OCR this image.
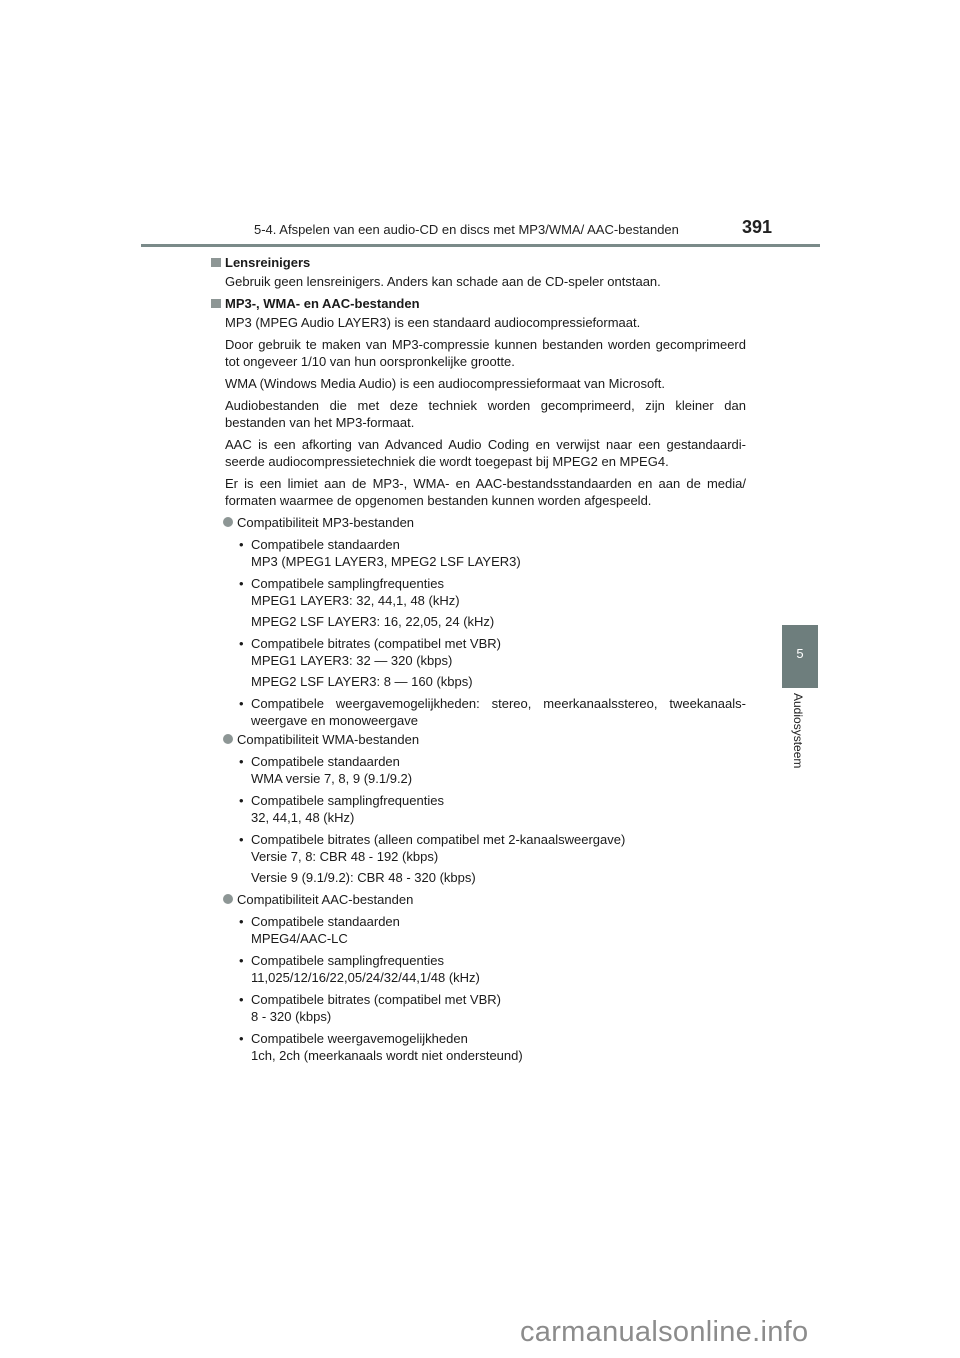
5-4. Afspelen van een audio-CD en discs met MP3/WMA/ AAC-bestanden	391
5
Audiosysteem
Lensreinigers
Gebruik geen lensreinigers. Anders kan schade aan de CD-speler ontstaan.
MP3-, WMA- en AAC-bestanden
MP3 (MPEG Audio LAYER3) is een standaard audiocompressieformaat.
Door gebruik te maken van MP3-compressie kunnen bestanden worden gecomprimeerd tot ongeveer 1/10 van hun oorspronkelijke grootte.
WMA (Windows Media Audio) is een audiocompressieformaat van Microsoft.
Audiobestanden die met deze techniek worden gecomprimeerd, zijn kleiner dan bestanden van het MP3-formaat.
AAC is een afkorting van Advanced Audio Coding en verwijst naar een gestandaardiseerde audiocompressietechniek die wordt toegepast bij MPEG2 en MPEG4.
Er is een limiet aan de MP3-, WMA- en AAC-bestandsstandaarden en aan de media/ formaten waarmee de opgenomen bestanden kunnen worden afgespeeld.
Compatibiliteit MP3-bestanden
• Compatibele standaarden
MP3 (MPEG1 LAYER3, MPEG2 LSF LAYER3)
• Compatibele samplingfrequenties
MPEG1 LAYER3: 32, 44,1, 48 (kHz)
MPEG2 LSF LAYER3: 16, 22,05, 24 (kHz)
• Compatibele bitrates (compatibel met VBR)
MPEG1 LAYER3: 32 — 320 (kbps)
MPEG2 LSF LAYER3: 8 — 160 (kbps)
• Compatibele weergavemogelijkheden: stereo, meerkanaalsstereo, tweekanaalsweergave en monoweergave
Compatibiliteit WMA-bestanden
• Compatibele standaarden
WMA versie 7, 8, 9 (9.1/9.2)
• Compatibele samplingfrequenties
32, 44,1, 48 (kHz)
• Compatibele bitrates (alleen compatibel met 2-kanaalsweergave)
Versie 7, 8: CBR 48 - 192 (kbps)
Versie 9 (9.1/9.2): CBR 48 - 320 (kbps)
Compatibiliteit AAC-bestanden
• Compatibele standaarden
MPEG4/AAC-LC
• Compatibele samplingfrequenties
11,025/12/16/22,05/24/32/44,1/48 (kHz)
• Compatibele bitrates (compatibel met VBR)
8 - 320 (kbps)
• Compatibele weergavemogelijkheden
1ch, 2ch (meerkanaals wordt niet ondersteund)
carmanualsonline.info
